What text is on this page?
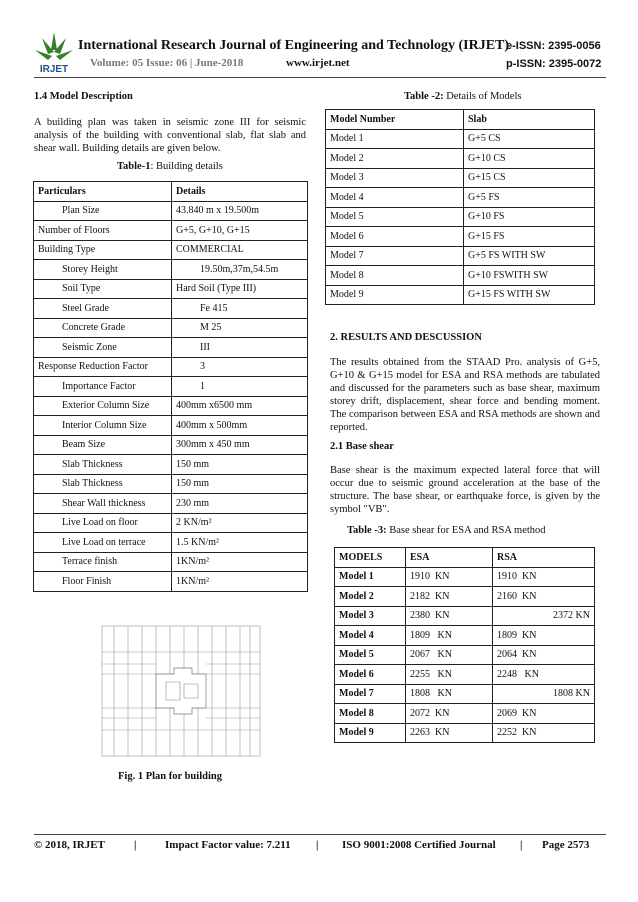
IRJET
International Research Journal of Engineering and Technology (IRJET)
e-ISSN: 2395-0056
Volume: 05 Issue: 06 | June-2018	www.irjet.net	p-ISSN: 2395-0072
1.4 Model Description
A building plan was taken in seismic zone III for seismic analysis of the building with conventional slab, flat slab and shear wall. Building details are given below.
Table-1: Building details
Particulars	Details
Plan Size	43.840 m x 19.500m
Number of Floors	G+5, G+10, G+15
Building Type	COMMERCIAL
Storey Height	19.50m,37m,54.5m
Soil Type	Hard Soil (Type III)
Steel Grade	Fe 415
Concrete Grade	M 25
Seismic Zone	III
Response Reduction Factor	3
Importance Factor	1
Exterior Column Size	400mm x6500 mm
Interior Column Size	400mm x 500mm
Beam Size	300mm x 450 mm
Slab Thickness	150 mm
Slab Thickness	150 mm
Shear Wall thickness	230 mm
Live Load on floor	2 KN/m²
Live Load on terrace	1.5 KN/m²
Terrace finish	1KN/m²
Floor Finish	1KN/m²
Fig. 1 Plan for building
Table -2: Details of Models
Model Number	Slab
Model 1	G+5 CS
Model 2	G+10 CS
Model 3	G+15 CS
Model 4	G+5 FS
Model 5	G+10 FS
Model 6	G+15 FS
Model 7	G+5 FS WITH SW
Model 8	G+10 FSWITH SW
Model 9	G+15 FS WITH SW
2. RESULTS AND DESCUSSION
The results obtained from the STAAD Pro. analysis of G+5, G+10 & G+15 model for ESA and RSA methods are tabulated and discussed for the parameters such as base shear, maximum storey drift, displacement, shear force and bending moment. The comparison between ESA and RSA methods are shown and reported.
2.1 Base shear
Base shear is the maximum expected lateral force that will occur due to seismic ground acceleration at the base of the structure. The base shear, or earthquake force, is given by the symbol "VB".
Table -3: Base shear for ESA and RSA method
MODELS	ESA	RSA
Model 1	1910  KN	1910  KN
Model 2	2182  KN	2160  KN
Model 3	2380  KN	2372 KN
Model 4	1809   KN	1809  KN
Model 5	2067   KN	2064  KN
Model 6	2255   KN	2248   KN
Model 7	1808   KN	1808 KN
Model 8	2072  KN	2069  KN
Model 9	2263  KN	2252  KN
© 2018, IRJET	|	Impact Factor value: 7.211 | ISO 9001:2008 Certified Journal | Page 2573
